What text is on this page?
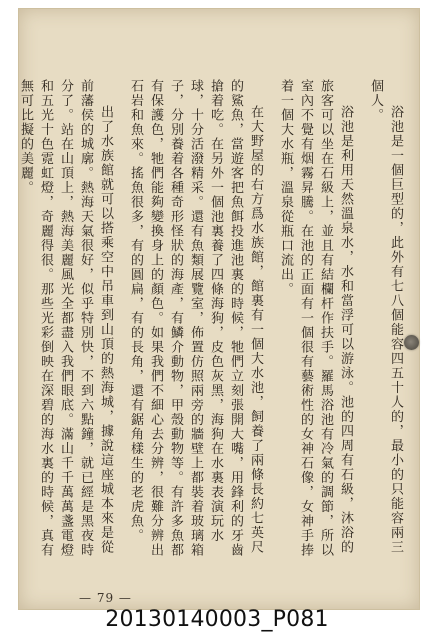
浴池是一個巨型的，此外有七八個能容四五十人的，最小的只能容兩三個人。

浴池是利用天然溫泉水，水和當浮可以游泳。池的四周有石級，沐浴的旅客可以坐在石級上，並且有結欄杆作扶手。羅馬浴池有冷氣的調節，所以室內不覺有烟霧昇騰。在池的正面有一個很有藝術性的女神石像，女神手捧着一個大水瓶，溫泉從瓶口流出。

在大野屋的右方爲水族館，館裏有一個大水池，飼養了兩條長約七英尺的鯊魚，當遊客把魚餌投進池裏的時候，牠們立刻張開大嘴，用鋒利的牙齒搶着吃。在另外一個池裏養了四條海狗，皮色灰黑，海狗在水裏表演玩水球，十分活潑精采。還有魚類展覽室，佈置仿照兩旁的牆壁上都裝着玻璃箱子，分別養着各種奇形怪狀的海產，有鱗介動物，甲殼動物等。有許多魚都有保護色，牠們能夠變換身上的顏色。如果我們不細心去分辨，很難分辨出石岩和魚來。搖魚很多，有的圓扁，有的長角，還有鋸角樣生的老虎魚。

出了水族館就可以搭乘空中吊車到山頂的熱海城，據說這座城本來是從前藩侯的城廓。熱海天氣很好，似乎特別快，不到六點鐘，就已經是黑夜時分了。站在山頂上，熱海美麗風光全都盡入我們眼底。滿山千千萬萬盞電燈和五光十色霓虹燈，奇麗得很。那些光彩倒映在深碧的海水裏的時候，真有無可比擬的美麗。

— 79 —
20130140003_P081
